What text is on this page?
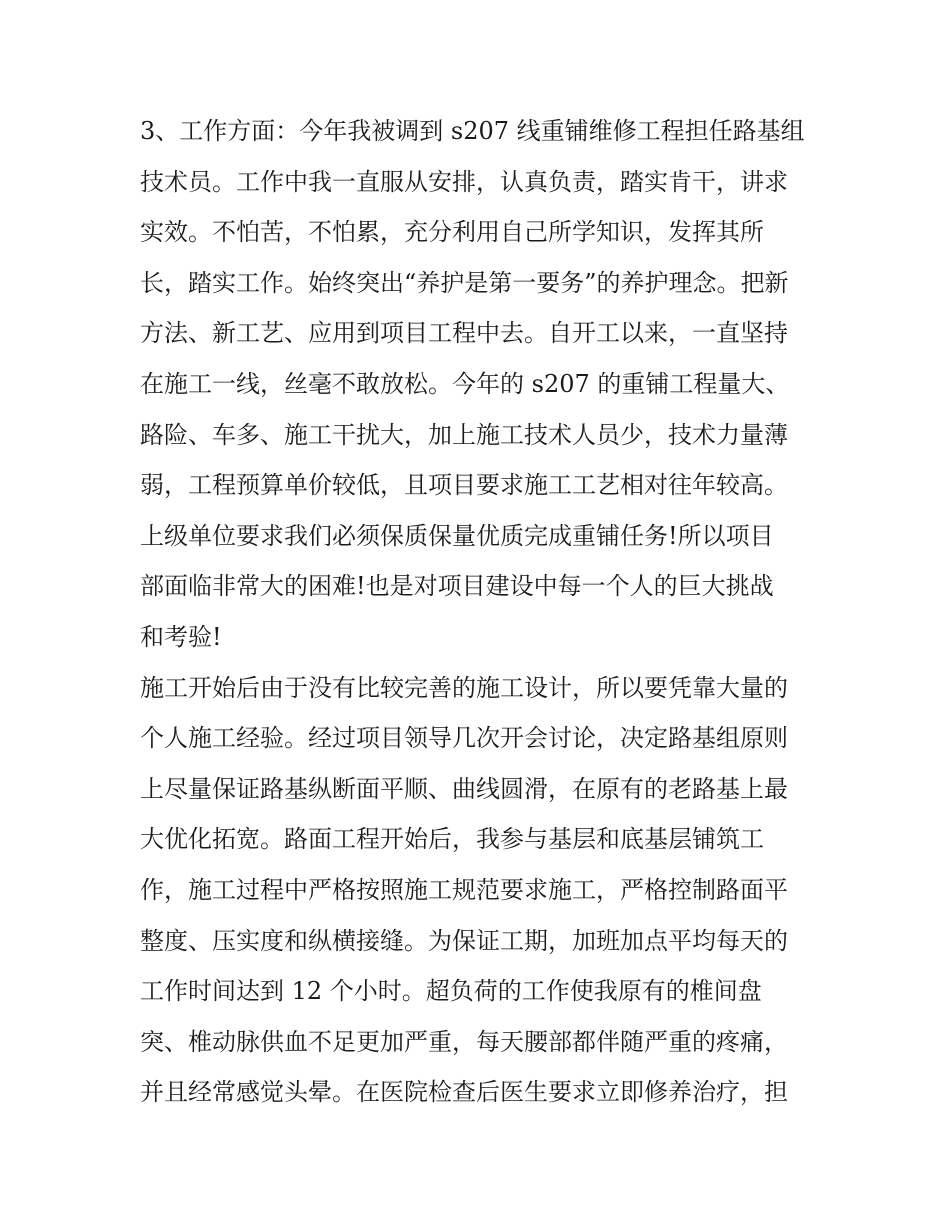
3、工作方面：今年我被调到 s207 线重铺维修工程担任路基组
技术员。工作中我一直服从安排，认真负责，踏实肯干，讲求
实效。不怕苦，不怕累，充分利用自己所学知识，发挥其所
长，踏实工作。始终突出“养护是第一要务”的养护理念。把新
方法、新工艺、应用到项目工程中去。自开工以来，一直坚持
在施工一线，丝毫不敢放松。今年的 s207 的重铺工程量大、
路险、车多、施工干扰大，加上施工技术人员少，技术力量薄
弱，工程预算单价较低，且项目要求施工工艺相对往年较高。
上级单位要求我们必须保质保量优质完成重铺任务!所以项目
部面临非常大的困难!也是对项目建设中每一个人的巨大挑战
和考验!
施工开始后由于没有比较完善的施工设计，所以要凭靠大量的
个人施工经验。经过项目领导几次开会讨论，决定路基组原则
上尽量保证路基纵断面平顺、曲线圆滑，在原有的老路基上最
大优化拓宽。路面工程开始后，我参与基层和底基层铺筑工
作，施工过程中严格按照施工规范要求施工，严格控制路面平
整度、压实度和纵横接缝。为保证工期，加班加点平均每天的
工作时间达到 12 个小时。超负荷的工作使我原有的椎间盘
突、椎动脉供血不足更加严重，每天腰部都伴随严重的疼痛，
并且经常感觉头晕。在医院检查后医生要求立即修养治疗，担
